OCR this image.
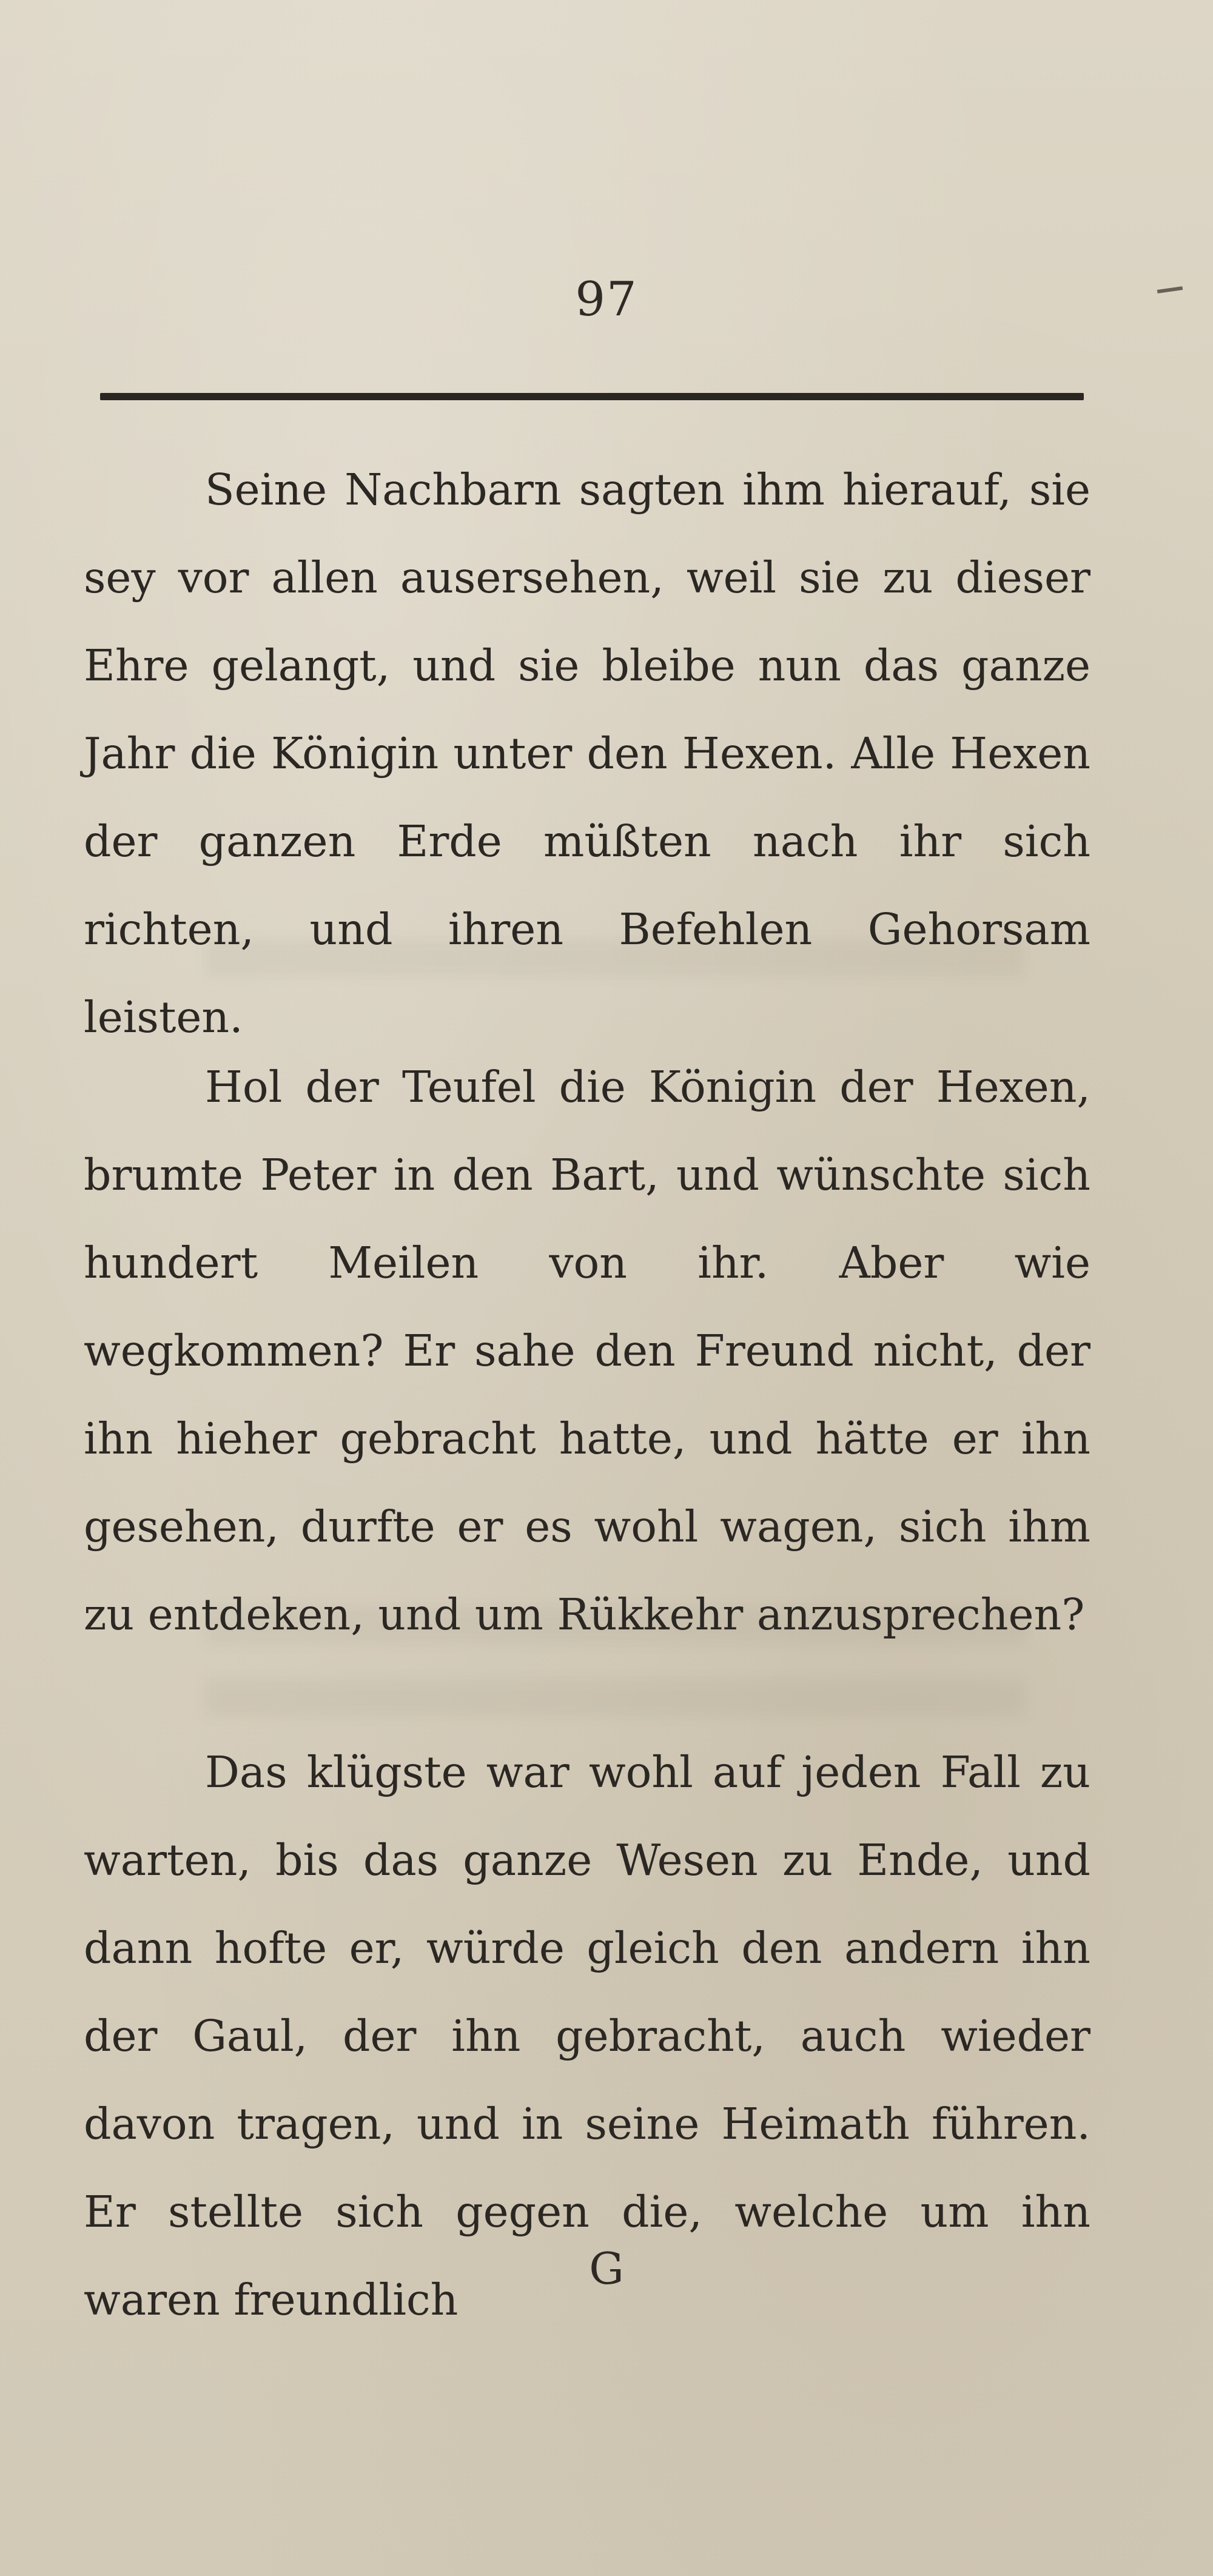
97

Seine Nachbarn sagten ihm hierauf, sie sey vor allen ausersehen, weil sie zu dieser Ehre gelangt, und sie bleibe nun das ganze Jahr die Königin unter den Hexen. Alle Hexen der ganzen Erde müßten nach ihr sich richten, und ihren Befehlen Gehorsam leisten.

Hol der Teufel die Königin der Hexen, brumte Peter in den Bart, und wünschte sich hundert Meilen von ihr. Aber wie wegkommen? Er sahe den Freund nicht, der ihn hieher gebracht hatte, und hätte er ihn gesehen, durfte er es wohl wagen, sich ihm zu entdeken, und um Rükkehr anzusprechen?

Das klügste war wohl auf jeden Fall zu warten, bis das ganze Wesen zu Ende, und dann hofte er, würde gleich den andern ihn der Gaul, der ihn gebracht, auch wieder davon tragen, und in seine Heimath führen. Er stellte sich gegen die, welche um ihn waren freundlich

G
